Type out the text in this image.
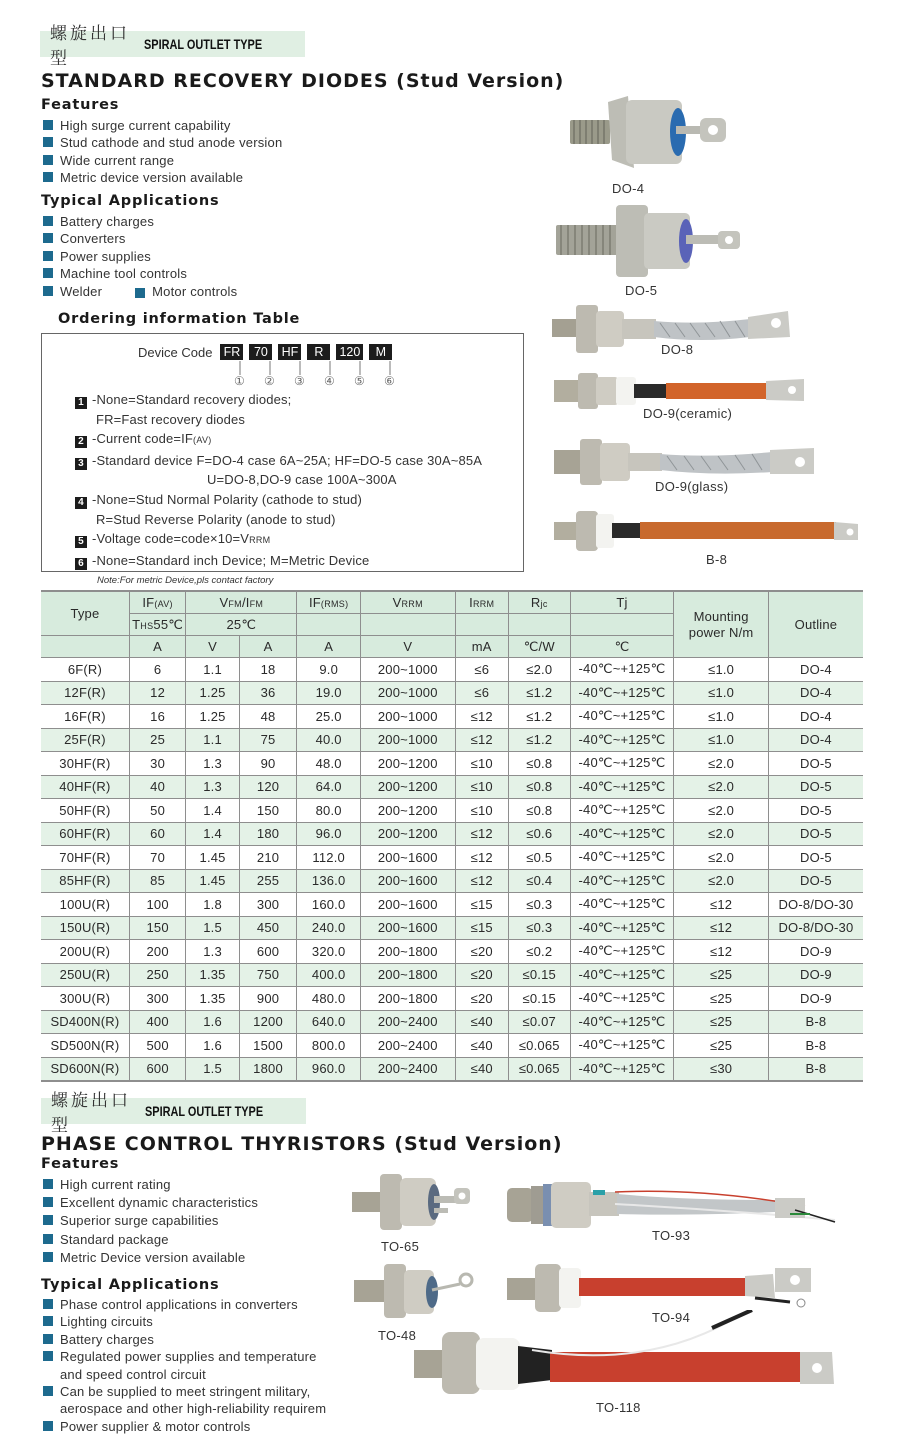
螺旋出口型
SPIRAL OUTLET TYPE
STANDARD RECOVERY DIODES (Stud Version)
Features
High surge current capability
Stud cathode and stud anode version
Wide current range
Metric device version available
Typical Applications
Battery charges
Converters
Power supplies
Machine tool controls
Welder	Motor controls
Ordering information Table
Device Code FR	70	HF	R	120	M
① ② ③ ④ ⑤ ⑥
1 -None=Standard recovery diodes;
FR=Fast recovery diodes
2 -Current code=IF(AV)
3 -Standard device F=DO-4 case 6A~25A; HF=DO-5 case 30A~85A
U=DO-8,DO-9 case 100A~300A
4 -None=Stud Normal Polarity (cathode to stud)
R=Stud Reverse Polarity (anode to stud)
5 -Voltage code=code×10=VRRM
6 -None=Standard inch Device; M=Metric Device
Note:For metric Device,pls contact factory
DO-4
DO-5
DO-8
DO-9(ceramic)
DO-9(glass)
B-8
Type	IF(AV)	VFM/IFM		IF(RMS)	VRRM	IRRM	Rjc	Tj	Mounting power N/m	Outline
	THS55℃	25℃								
	A	V	A	A	V	mA	℃/W	℃		
6F(R)	6	1.1	18	9.0	200~1000	≤6	≤2.0	-40℃~+125℃	≤1.0	DO-4
12F(R)	12	1.25	36	19.0	200~1000	≤6	≤1.2	-40℃~+125℃	≤1.0	DO-4
16F(R)	16	1.25	48	25.0	200~1000	≤12	≤1.2	-40℃~+125℃	≤1.0	DO-4
25F(R)	25	1.1	75	40.0	200~1000	≤12	≤1.2	-40℃~+125℃	≤1.0	DO-4
30HF(R)	30	1.3	90	48.0	200~1200	≤10	≤0.8	-40℃~+125℃	≤2.0	DO-5
40HF(R)	40	1.3	120	64.0	200~1200	≤10	≤0.8	-40℃~+125℃	≤2.0	DO-5
50HF(R)	50	1.4	150	80.0	200~1200	≤10	≤0.8	-40℃~+125℃	≤2.0	DO-5
60HF(R)	60	1.4	180	96.0	200~1200	≤12	≤0.6	-40℃~+125℃	≤2.0	DO-5
70HF(R)	70	1.45	210	112.0	200~1600	≤12	≤0.5	-40℃~+125℃	≤2.0	DO-5
85HF(R)	85	1.45	255	136.0	200~1600	≤12	≤0.4	-40℃~+125℃	≤2.0	DO-5
100U(R)	100	1.8	300	160.0	200~1600	≤15	≤0.3	-40℃~+125℃	≤12	DO-8/DO-30
150U(R)	150	1.5	450	240.0	200~1600	≤15	≤0.3	-40℃~+125℃	≤12	DO-8/DO-30
200U(R)	200	1.3	600	320.0	200~1800	≤20	≤0.2	-40℃~+125℃	≤12	DO-9
250U(R)	250	1.35	750	400.0	200~1800	≤20	≤0.15	-40℃~+125℃	≤25	DO-9
300U(R)	300	1.35	900	480.0	200~1800	≤20	≤0.15	-40℃~+125℃	≤25	DO-9
SD400N(R)	400	1.6	1200	640.0	200~2400	≤40	≤0.07	-40℃~+125℃	≤25	B-8
SD500N(R)	500	1.6	1500	800.0	200~2400	≤40	≤0.065	-40℃~+125℃	≤25	B-8
SD600N(R)	600	1.5	1800	960.0	200~2400	≤40	≤0.065	-40℃~+125℃	≤30	B-8
螺旋出口型
SPIRAL OUTLET TYPE
PHASE CONTROL THYRISTORS (Stud Version)
Features
High current rating
Excellent dynamic characteristics
Superior surge capabilities
Standard package
Metric Device version available
Typical Applications
Phase control applications in converters
Lighting circuits
Battery charges
Regulated power supplies and temperature
and speed control circuit
Can be supplied to meet stringent military,
aerospace and other high-reliability requirem
Power supplier & motor controls
TO-65
TO-93
TO-48
TO-94
TO-118
